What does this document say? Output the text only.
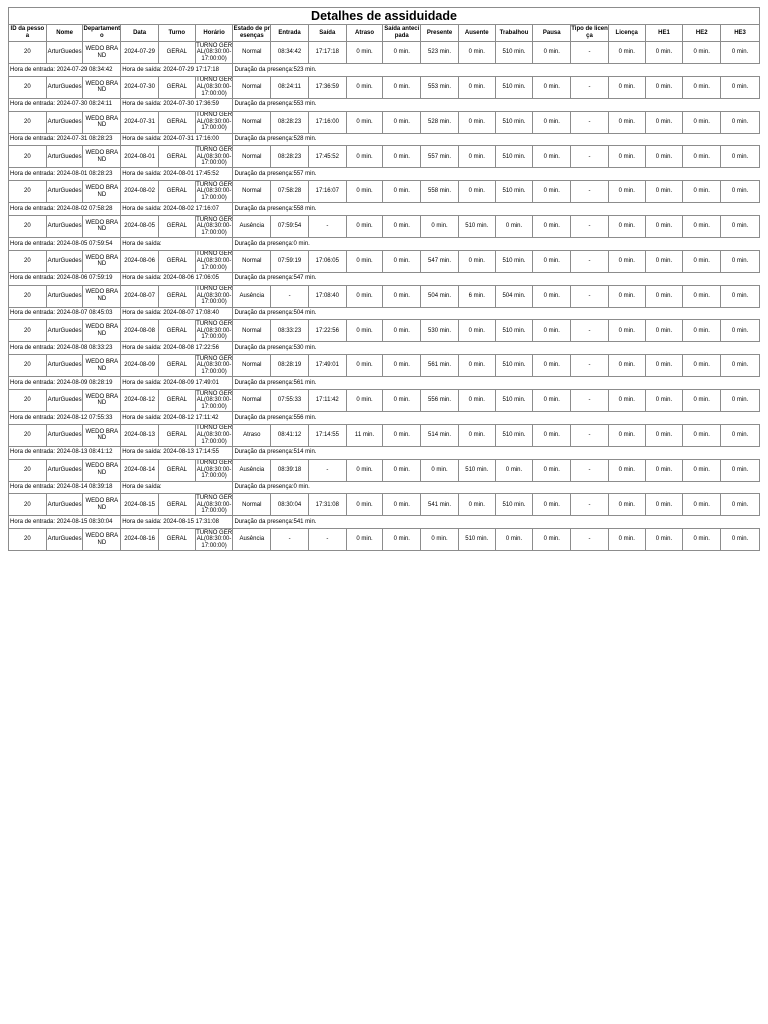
Detalhes de assiduidade																			
ID da pessoa	Nome	Departamento	Data	Turno	Horário	Estado de presenças	Entrada	Saída	Atraso	Saída antecipada	Presente	Ausente	Trabalhou	Pausa	Tipo de licença	Licença	HE1	HE2	HE3
20	ArturGuedes	WEDO BRAND	2024-07-29	GERAL	TURNO GERAL(08:30:00-17:00:00)	Normal	08:34:42	17:17:18	0 min.	0 min.	523 min.	0 min.	510 min.	0 min.	-	0 min.	0 min.	0 min.	0 min.
Hora de entrada: 2024-07-29 08:34:42			Hora de saída: 2024-07-29 17:17:18			Duração da presença:523 min.													
20	ArturGuedes	WEDO BRAND	2024-07-30	GERAL	TURNO GERAL(08:30:00-17:00:00)	Normal	08:24:11	17:36:59	0 min.	0 min.	553 min.	0 min.	510 min.	0 min.	-	0 min.	0 min.	0 min.	0 min.
Hora de entrada: 2024-07-30 08:24:11			Hora de saída: 2024-07-30 17:36:59			Duração da presença:553 min.													
20	ArturGuedes	WEDO BRAND	2024-07-31	GERAL	TURNO GERAL(08:30:00-17:00:00)	Normal	08:28:23	17:16:00	0 min.	0 min.	528 min.	0 min.	510 min.	0 min.	-	0 min.	0 min.	0 min.	0 min.
Hora de entrada: 2024-07-31 08:28:23			Hora de saída: 2024-07-31 17:16:00			Duração da presença:528 min.													
20	ArturGuedes	WEDO BRAND	2024-08-01	GERAL	TURNO GERAL(08:30:00-17:00:00)	Normal	08:28:23	17:45:52	0 min.	0 min.	557 min.	0 min.	510 min.	0 min.	-	0 min.	0 min.	0 min.	0 min.
Hora de entrada: 2024-08-01 08:28:23			Hora de saída: 2024-08-01 17:45:52			Duração da presença:557 min.													
20	ArturGuedes	WEDO BRAND	2024-08-02	GERAL	TURNO GERAL(08:30:00-17:00:00)	Normal	07:58:28	17:16:07	0 min.	0 min.	558 min.	0 min.	510 min.	0 min.	-	0 min.	0 min.	0 min.	0 min.
Hora de entrada: 2024-08-02 07:58:28			Hora de saída: 2024-08-02 17:16:07			Duração da presença:558 min.													
20	ArturGuedes	WEDO BRAND	2024-08-05	GERAL	TURNO GERAL(08:30:00-17:00:00)	Ausência	07:59:54	-	0 min.	0 min.	0 min.	510 min.	0 min.	0 min.	-	0 min.	0 min.	0 min.	0 min.
Hora de entrada: 2024-08-05 07:59:54			Hora de saída:			Duração da presença:0 min.													
20	ArturGuedes	WEDO BRAND	2024-08-06	GERAL	TURNO GERAL(08:30:00-17:00:00)	Normal	07:59:19	17:06:05	0 min.	0 min.	547 min.	0 min.	510 min.	0 min.	-	0 min.	0 min.	0 min.	0 min.
Hora de entrada: 2024-08-06 07:59:19			Hora de saída: 2024-08-06 17:06:05			Duração da presença:547 min.													
20	ArturGuedes	WEDO BRAND	2024-08-07	GERAL	TURNO GERAL(08:30:00-17:00:00)	Ausência	-	17:08:40	0 min.	0 min.	504 min.	6 min.	504 min.	0 min.	-	0 min.	0 min.	0 min.	0 min.
Hora de entrada: 2024-08-07 08:45:03			Hora de saída: 2024-08-07 17:08:40			Duração da presença:504 min.													
20	ArturGuedes	WEDO BRAND	2024-08-08	GERAL	TURNO GERAL(08:30:00-17:00:00)	Normal	08:33:23	17:22:56	0 min.	0 min.	530 min.	0 min.	510 min.	0 min.	-	0 min.	0 min.	0 min.	0 min.
Hora de entrada: 2024-08-08 08:33:23			Hora de saída: 2024-08-08 17:22:56			Duração da presença:530 min.													
20	ArturGuedes	WEDO BRAND	2024-08-09	GERAL	TURNO GERAL(08:30:00-17:00:00)	Normal	08:28:19	17:49:01	0 min.	0 min.	561 min.	0 min.	510 min.	0 min.	-	0 min.	0 min.	0 min.	0 min.
Hora de entrada: 2024-08-09 08:28:19			Hora de saída: 2024-08-09 17:49:01			Duração da presença:561 min.													
20	ArturGuedes	WEDO BRAND	2024-08-12	GERAL	TURNO GERAL(08:30:00-17:00:00)	Normal	07:55:33	17:11:42	0 min.	0 min.	556 min.	0 min.	510 min.	0 min.	-	0 min.	0 min.	0 min.	0 min.
Hora de entrada: 2024-08-12 07:55:33			Hora de saída: 2024-08-12 17:11:42			Duração da presença:556 min.													
20	ArturGuedes	WEDO BRAND	2024-08-13	GERAL	TURNO GERAL(08:30:00-17:00:00)	Atraso	08:41:12	17:14:55	11 min.	0 min.	514 min.	0 min.	510 min.	0 min.	-	0 min.	0 min.	0 min.	0 min.
Hora de entrada: 2024-08-13 08:41:12			Hora de saída: 2024-08-13 17:14:55			Duração da presença:514 min.													
20	ArturGuedes	WEDO BRAND	2024-08-14	GERAL	TURNO GERAL(08:30:00-17:00:00)	Ausência	08:39:18	-	0 min.	0 min.	0 min.	510 min.	0 min.	0 min.	-	0 min.	0 min.	0 min.	0 min.
Hora de entrada: 2024-08-14 08:39:18			Hora de saída:			Duração da presença:0 min.													
20	ArturGuedes	WEDO BRAND	2024-08-15	GERAL	TURNO GERAL(08:30:00-17:00:00)	Normal	08:30:04	17:31:08	0 min.	0 min.	541 min.	0 min.	510 min.	0 min.	-	0 min.	0 min.	0 min.	0 min.
Hora de entrada: 2024-08-15 08:30:04			Hora de saída: 2024-08-15 17:31:08			Duração da presença:541 min.													
20	ArturGuedes	WEDO BRAND	2024-08-16	GERAL	TURNO GERAL(08:30:00-17:00:00)	Ausência	-	-	0 min.	0 min.	0 min.	510 min.	0 min.	0 min.	-	0 min.	0 min.	0 min.	0 min.
